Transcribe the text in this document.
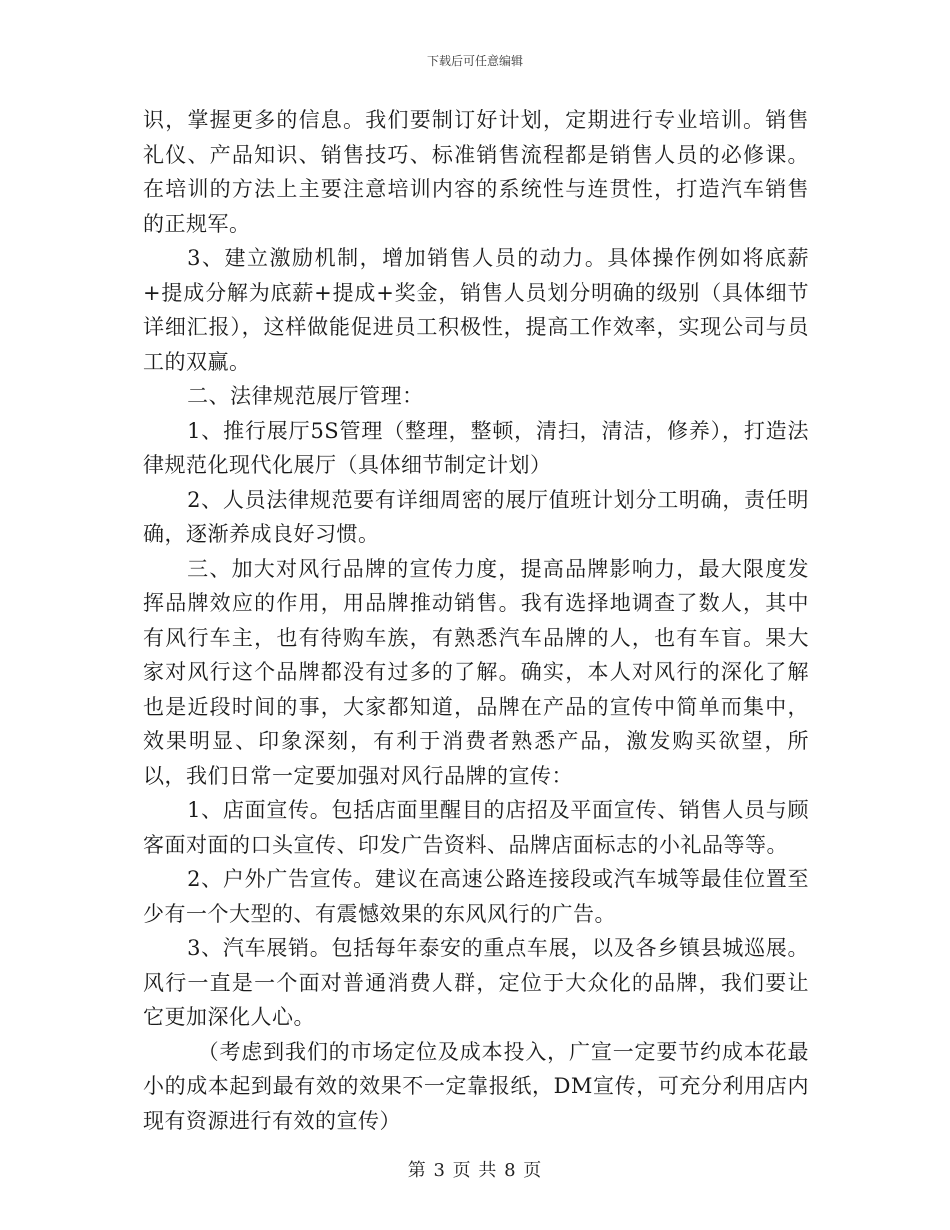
下载后可任意编辑

识，掌握更多的信息。我们要制订好计划，定期进行专业培训。销售礼仪、产品知识、销售技巧、标准销售流程都是销售人员的必修课。在培训的方法上主要注意培训内容的系统性与连贯性，打造汽车销售的正规军。

3、建立激励机制，增加销售人员的动力。具体操作例如将底薪+提成分解为底薪+提成+奖金，销售人员划分明确的级别（具体细节详细汇报），这样做能促进员工积极性，提高工作效率，实现公司与员工的双赢。

二、法律规范展厅管理：

1、推行展厅5S管理（整理，整顿，清扫，清洁，修养），打造法律规范化现代化展厅（具体细节制定计划）

2、人员法律规范要有详细周密的展厅值班计划分工明确，责任明确，逐渐养成良好习惯。

三、加大对风行品牌的宣传力度，提高品牌影响力，最大限度发挥品牌效应的作用，用品牌推动销售。我有选择地调查了数人，其中有风行车主，也有待购车族，有熟悉汽车品牌的人，也有车盲。果大家对风行这个品牌都没有过多的了解。确实，本人对风行的深化了解也是近段时间的事，大家都知道，品牌在产品的宣传中简单而集中，效果明显、印象深刻，有利于消费者熟悉产品，激发购买欲望，所以，我们日常一定要加强对风行品牌的宣传：

1、店面宣传。包括店面里醒目的店招及平面宣传、销售人员与顾客面对面的口头宣传、印发广告资料、品牌店面标志的小礼品等等。

2、户外广告宣传。建议在高速公路连接段或汽车城等最佳位置至少有一个大型的、有震憾效果的东风风行的广告。

3、汽车展销。包括每年泰安的重点车展，以及各乡镇县城巡展。风行一直是一个面对普通消费人群，定位于大众化的品牌，我们要让它更加深化人心。

（考虑到我们的市场定位及成本投入，广宣一定要节约成本花最小的成本起到最有效的效果不一定靠报纸，DM宣传，可充分利用店内现有资源进行有效的宣传）

第 3 页 共 8 页
